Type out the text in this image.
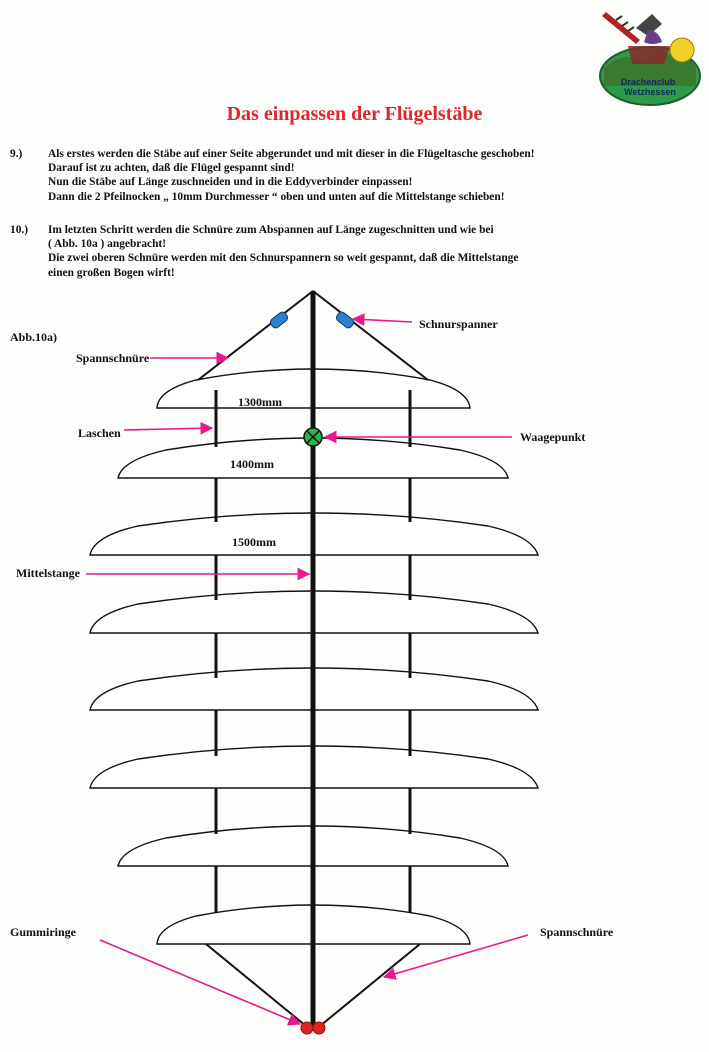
Drachenclub
Wetzhessen
Das einpassen der Flügelstäbe
9.) Als erstes werden die Stäbe auf einer Seite abgerundet und mit dieser in die Flügeltasche geschoben!
Darauf ist zu achten, daß die Flügel gespannt sind!
Nun die Stäbe auf Länge zuschneiden und in die Eddyverbinder einpassen!
Dann die 2 Pfeilnocken „ 10mm Durchmesser “ oben und unten auf die Mittelstange schieben!
10.) Im letzten Schritt werden die Schnüre zum Abspannen auf Länge zugeschnitten und wie bei
( Abb. 10a ) angebracht!
Die zwei oberen Schnüre werden mit den Schnurspannern so weit gespannt, daß die Mittelstange
einen großen Bogen wirft!
1300mm
1400mm
1500mm
Abb.10a)
Spannschnüre
Schnurspanner
Laschen	Waagepunkt
Mittelstange
Gummiringe	Spannschnüre
